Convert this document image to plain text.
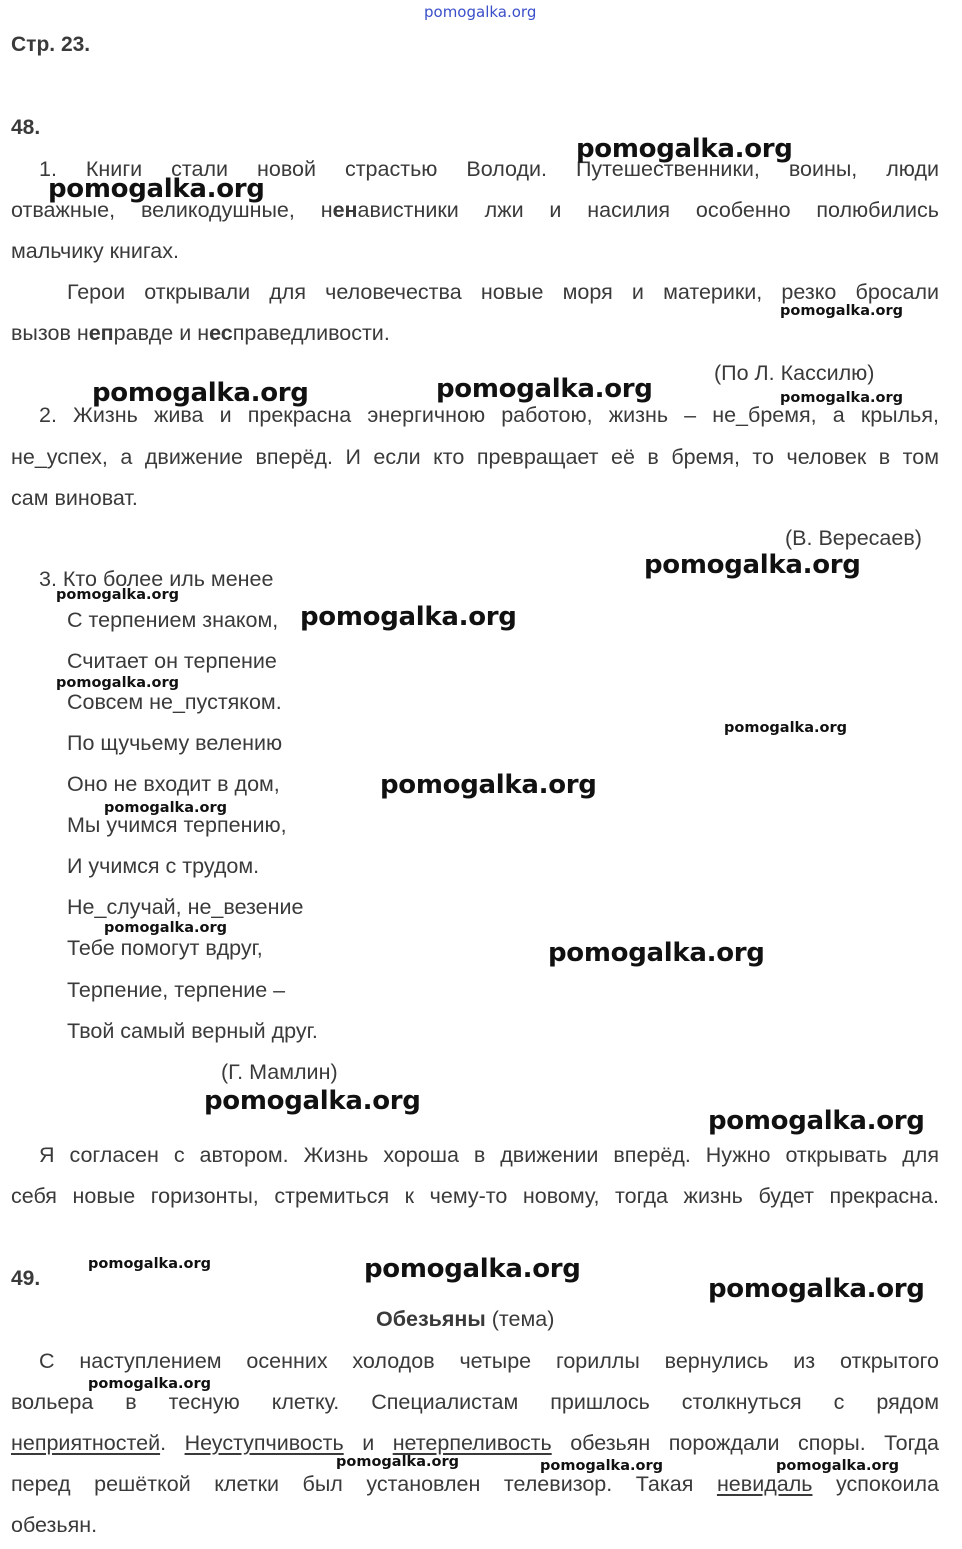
pomogalka.org
Стр. 23.
48.
1. Книги стали новой страстью Володи. Путешественники, воины, люди
отважные, великодушные, ненавистники лжи и насилия особенно полюбились
мальчику книгах.
Герои открывали для человечества новые моря и материки, резко бросали
вызов неправде и несправедливости.
(По Л. Кассилю)
2. Жизнь жива и прекрасна энергичною работою, жизнь – не_бремя, а крылья,
не_успех, а движение вперёд. И если кто превращает её в бремя, то человек в том
сам виноват.
(В. Вересаев)
3. Кто более иль менее
С терпением знаком,
Считает он терпение
Совсем не_пустяком.
По щучьему велению
Оно не входит в дом,
Мы учимся терпению,
И учимся с трудом.
Не_случай, не_везение
Тебе помогут вдруг,
Терпение, терпение –
Твой самый верный друг.
(Г. Мамлин)
Я согласен с автором. Жизнь хороша в движении вперёд. Нужно открывать для
себя новые горизонты, стремиться к чему-то новому, тогда жизнь будет прекрасна.
49.
Обезьяны (тема)
С наступлением осенних холодов четыре гориллы вернулись из открытого
вольера в тесную клетку. Специалистам пришлось столкнуться с рядом
неприятностей. Неуступчивость и нетерпеливость обезьян порождали споры. Тогда
перед решёткой клетки был установлен телевизор. Такая невидаль успокоила
обезьян.
pomogalka.org
pomogalka.org
pomogalka.org	pomogalka.org
pomogalka.org
pomogalka.org
pomogalka.org
pomogalka.org
pomogalka.org
pomogalka.org
pomogalka.org
pomogalka.org
pomogalka.org
pomogalka.org
pomogalka.org
pomogalka.org
pomogalka.org
pomogalka.org
pomogalka.org
pomogalka.org
pomogalka.org
pomogalka.org	pomogalka.org	pomogalka.org
